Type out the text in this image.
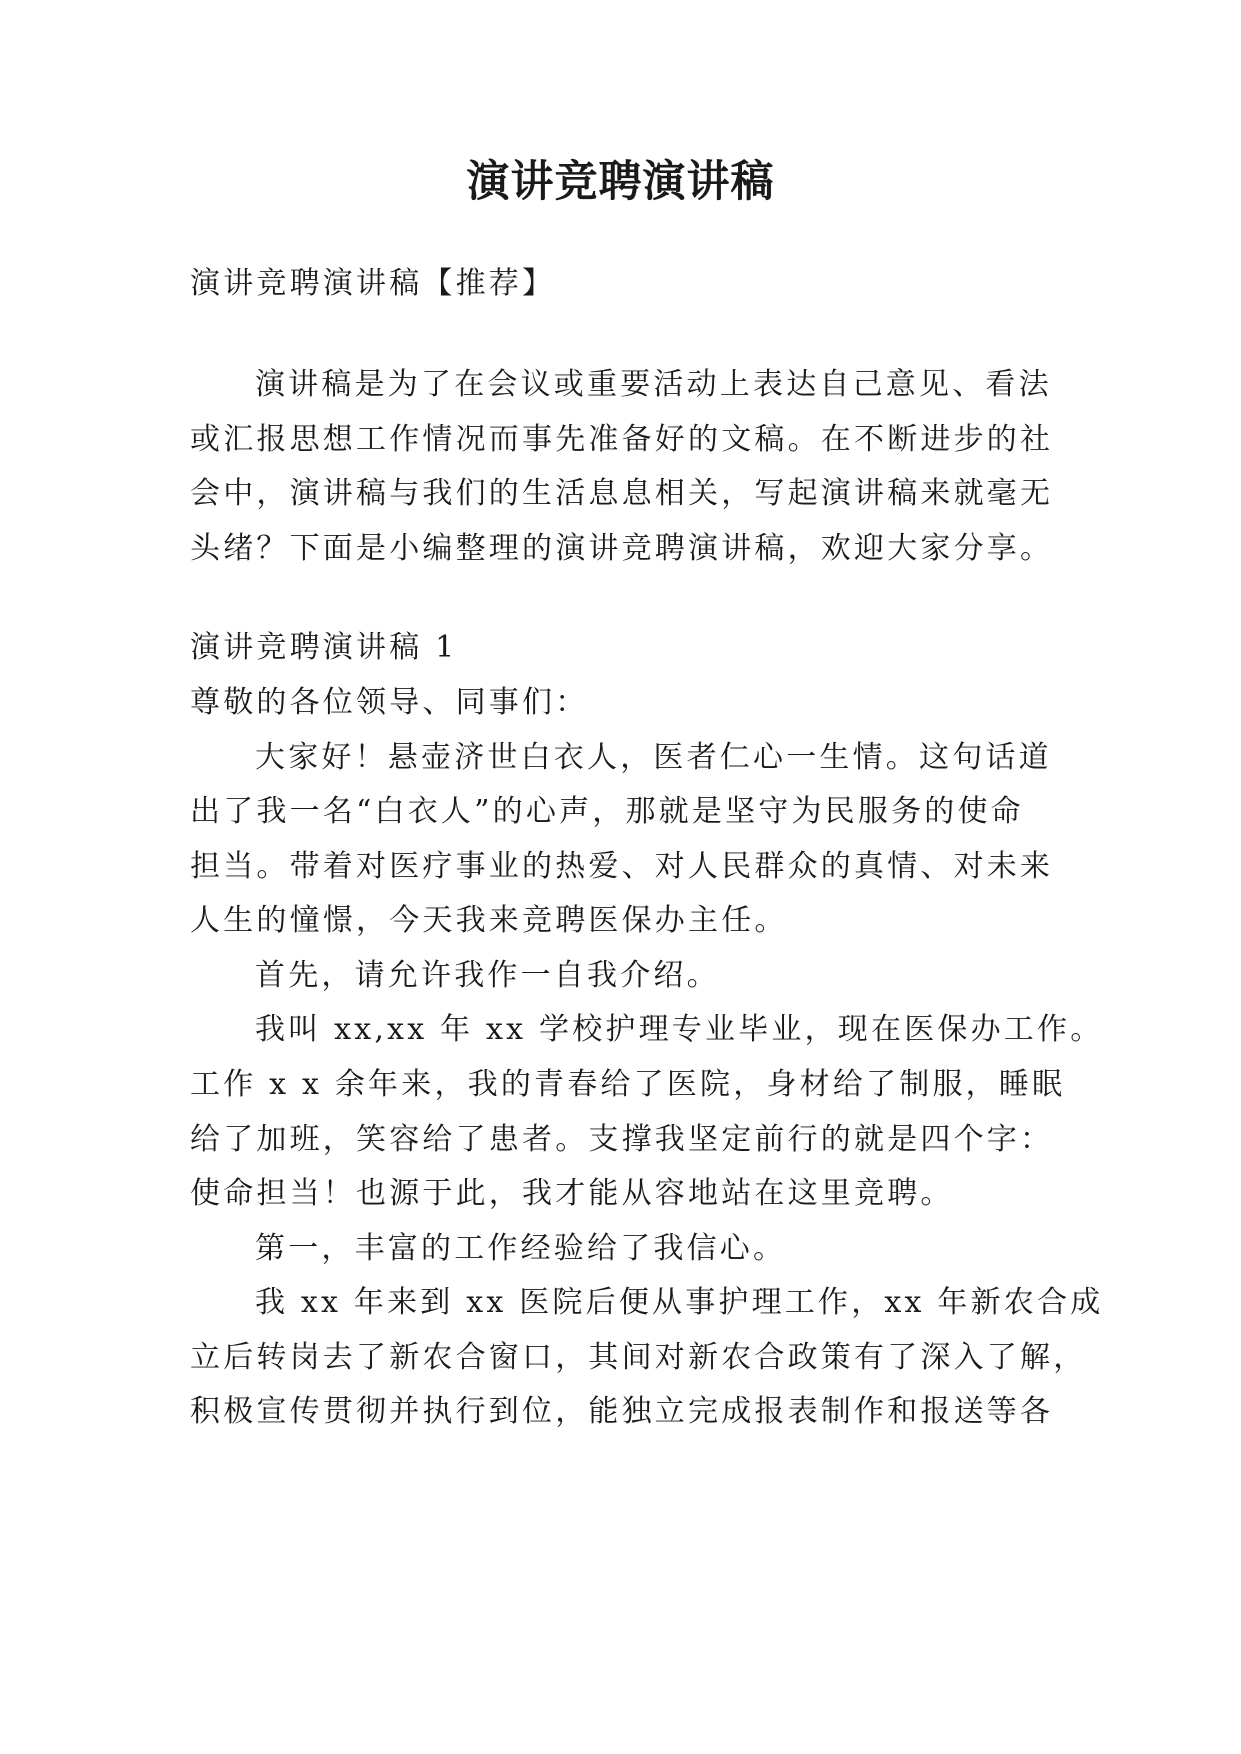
演讲竞聘演讲稿
演讲竞聘演讲稿【推荐】
演讲稿是为了在会议或重要活动上表达自己意见、看法
或汇报思想工作情况而事先准备好的文稿。在不断进步的社
会中，演讲稿与我们的生活息息相关，写起演讲稿来就毫无
头绪？下面是小编整理的演讲竞聘演讲稿，欢迎大家分享。
演讲竞聘演讲稿 1
尊敬的各位领导、同事们：
大家好！悬壶济世白衣人，医者仁心一生情。这句话道
出了我一名“白衣人”的心声，那就是坚守为民服务的使命
担当。带着对医疗事业的热爱、对人民群众的真情、对未来
人生的憧憬，今天我来竞聘医保办主任。
首先，请允许我作一自我介绍。
我叫 xx,xx 年 xx 学校护理专业毕业，现在医保办工作。
工作 x x 余年来，我的青春给了医院，身材给了制服，睡眠
给了加班，笑容给了患者。支撑我坚定前行的就是四个字：
使命担当！也源于此，我才能从容地站在这里竞聘。
第一，丰富的工作经验给了我信心。
我 xx 年来到 xx 医院后便从事护理工作，xx 年新农合成
立后转岗去了新农合窗口，其间对新农合政策有了深入了解，
积极宣传贯彻并执行到位，能独立完成报表制作和报送等各
